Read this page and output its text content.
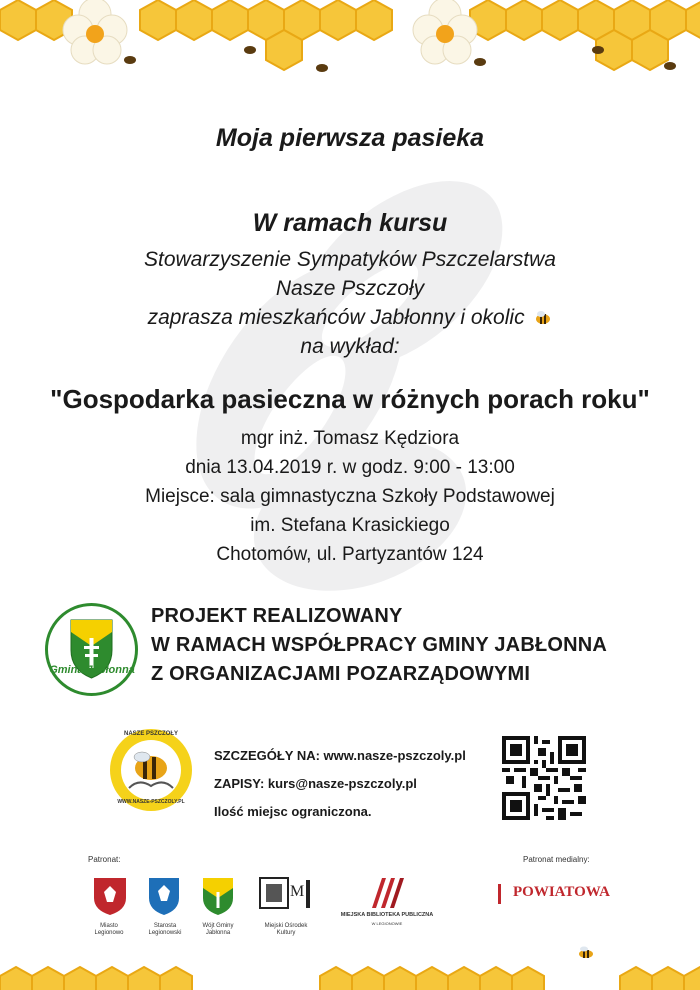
Moja pierwsza pasieka
W ramach kursu
Stowarzyszenie Sympatyków Pszczelarstwa
Nasze Pszczoły
zaprasza mieszkańców Jabłonny i okolic
na wykład:
"Gospodarka pasieczna w różnych porach roku"
mgr inż. Tomasz Kędziora
dnia 13.04.2019 r. w godz. 9:00 - 13:00
Miejsce: sala gimnastyczna Szkoły Podstawowej
im. Stefana Krasickiego
Chotomów, ul. Partyzantów 124
Gmina Jabłonna
PROJEKT REALIZOWANY
W RAMACH WSPÓŁPRACY GMINY JABŁONNA
Z ORGANIZACJAMI POZARZĄDOWYMI
NASZE PSZCZOŁY
WWW.NASZE-PSZCZOLY.PL
SZCZEGÓŁY NA: www.nasze-pszczoly.pl
ZAPISY: kurs@nasze-pszczoly.pl
Ilość miejsc ograniczona.
Patronat:	Patronat medialny:
M
MIEJSKA BIBLIOTEKA PUBLICZNA
W LEGIONOWIE
Miasto
Legionowo
Starosta
Legionowski
Wójt Gminy
Jabłonna
Miejski Ośrodek
Kultury
POWIATOWA
